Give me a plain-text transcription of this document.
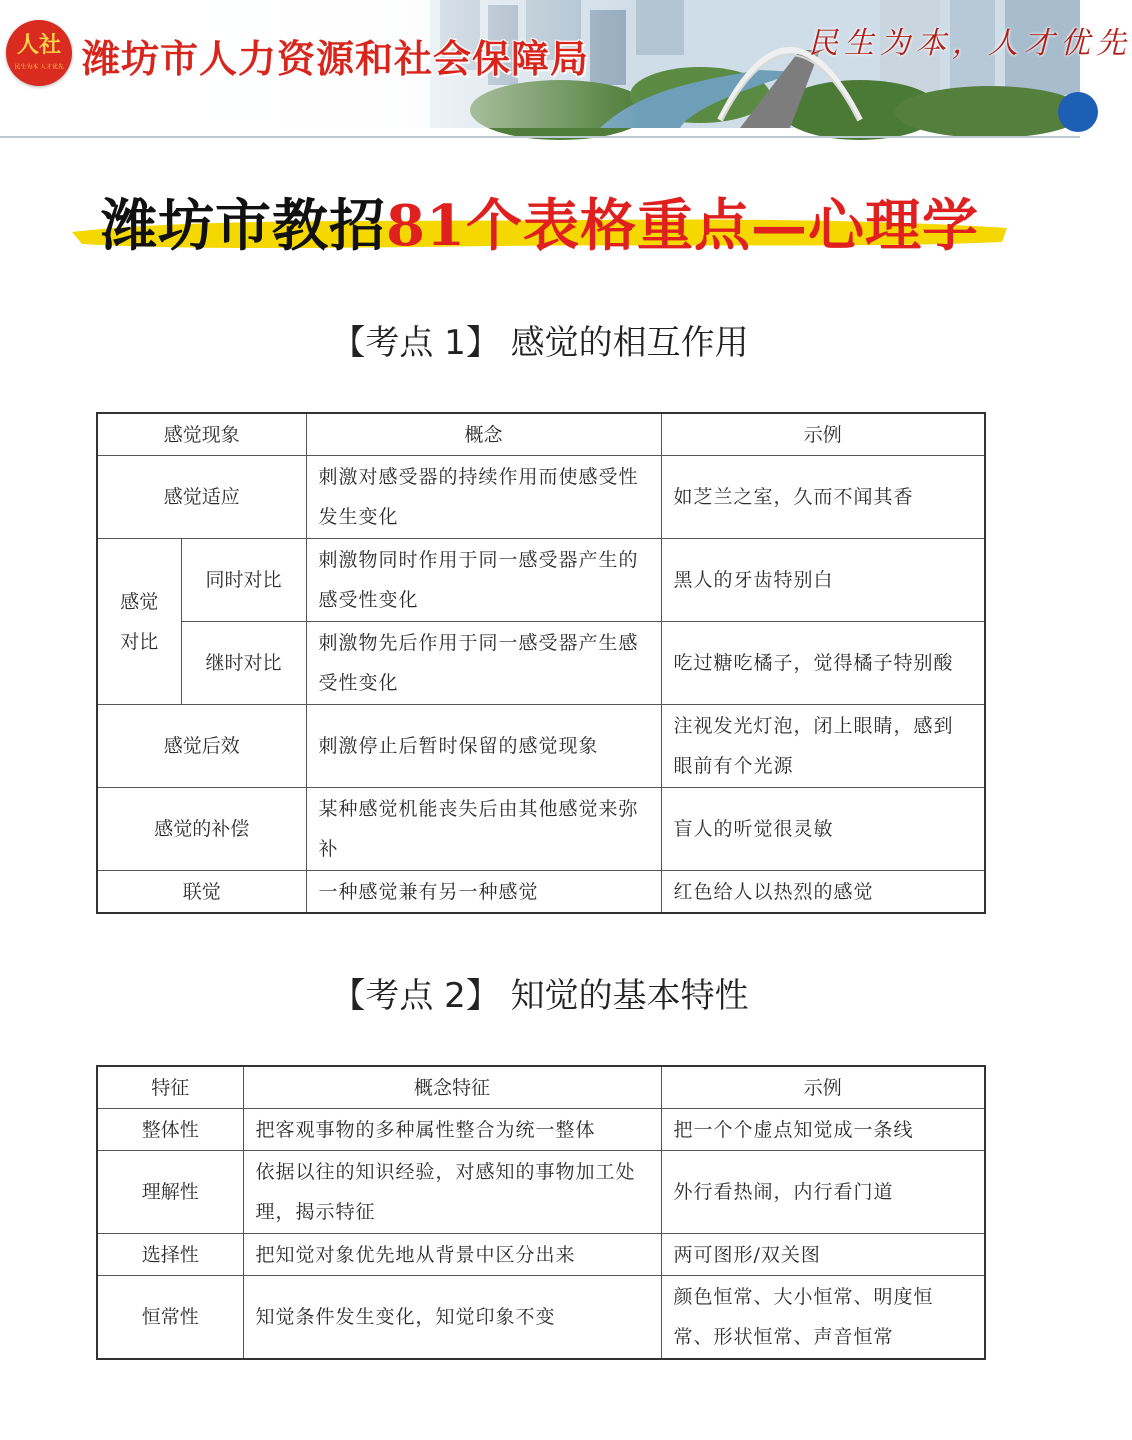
人社
民生为本 人才优先 潍坊市人力资源和社会保障局	民生为本，人才优先
潍坊市教招81个表格重点—心理学
【考点 1】 感觉的相互作用
感觉现象		概念	示例
感觉适应		刺激对感受器的持续作用而使感受性发生变化	如芝兰之室，久而不闻其香
感觉对比	同时对比	刺激物同时作用于同一感受器产生的感受性变化	黑人的牙齿特别白
	继时对比	刺激物先后作用于同一感受器产生感受性变化	吃过糖吃橘子，觉得橘子特别酸
感觉后效		刺激停止后暂时保留的感觉现象	注视发光灯泡，闭上眼睛，感到眼前有个光源
感觉的补偿		某种感觉机能丧失后由其他感觉来弥补	盲人的听觉很灵敏
联觉		一种感觉兼有另一种感觉	红色给人以热烈的感觉
【考点 2】 知觉的基本特性
特征	概念特征	示例
整体性	把客观事物的多种属性整合为统一整体	把一个个虚点知觉成一条线
理解性	依据以往的知识经验，对感知的事物加工处理，揭示特征	外行看热闹，内行看门道
选择性	把知觉对象优先地从背景中区分出来	两可图形/双关图
恒常性	知觉条件发生变化，知觉印象不变	颜色恒常、大小恒常、明度恒常、形状恒常、声音恒常
